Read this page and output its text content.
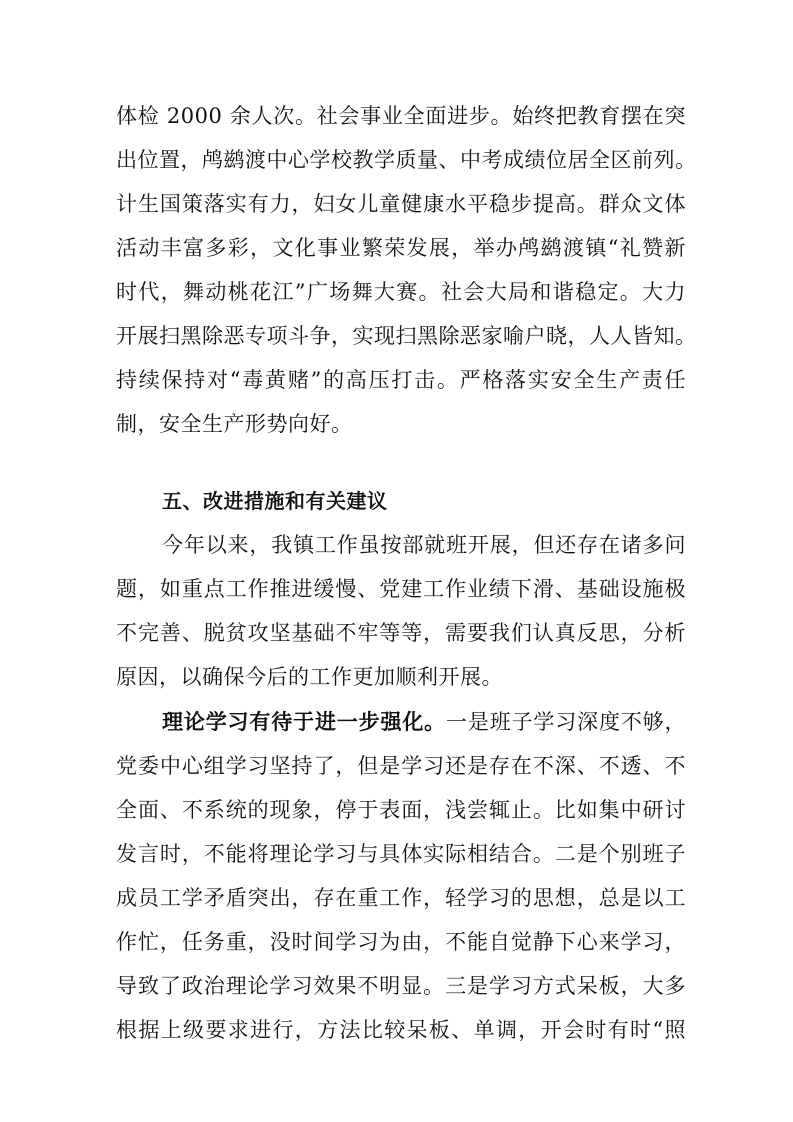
体检 2000 余人次。社会事业全面进步。始终把教育摆在突
出位置，鸬鹚渡中心学校教学质量、中考成绩位居全区前列。
计生国策落实有力，妇女儿童健康水平稳步提高。群众文体
活动丰富多彩，文化事业繁荣发展，举办鸬鹚渡镇“礼赞新
时代，舞动桃花江”广场舞大赛。社会大局和谐稳定。大力
开展扫黑除恶专项斗争，实现扫黑除恶家喻户晓，人人皆知。
持续保持对“毒黄赌”的高压打击。严格落实安全生产责任
制，安全生产形势向好。
五、改进措施和有关建议
今年以来，我镇工作虽按部就班开展，但还存在诸多问
题，如重点工作推进缓慢、党建工作业绩下滑、基础设施极
不完善、脱贫攻坚基础不牢等等，需要我们认真反思，分析
原因，以确保今后的工作更加顺利开展。
理论学习有待于进一步强化。一是班子学习深度不够，
党委中心组学习坚持了，但是学习还是存在不深、不透、不
全面、不系统的现象，停于表面，浅尝辄止。比如集中研讨
发言时，不能将理论学习与具体实际相结合。二是个别班子
成员工学矛盾突出，存在重工作，轻学习的思想，总是以工
作忙，任务重，没时间学习为由，不能自觉静下心来学习，
导致了政治理论学习效果不明显。三是学习方式呆板，大多
根据上级要求进行，方法比较呆板、单调，开会时有时“照
